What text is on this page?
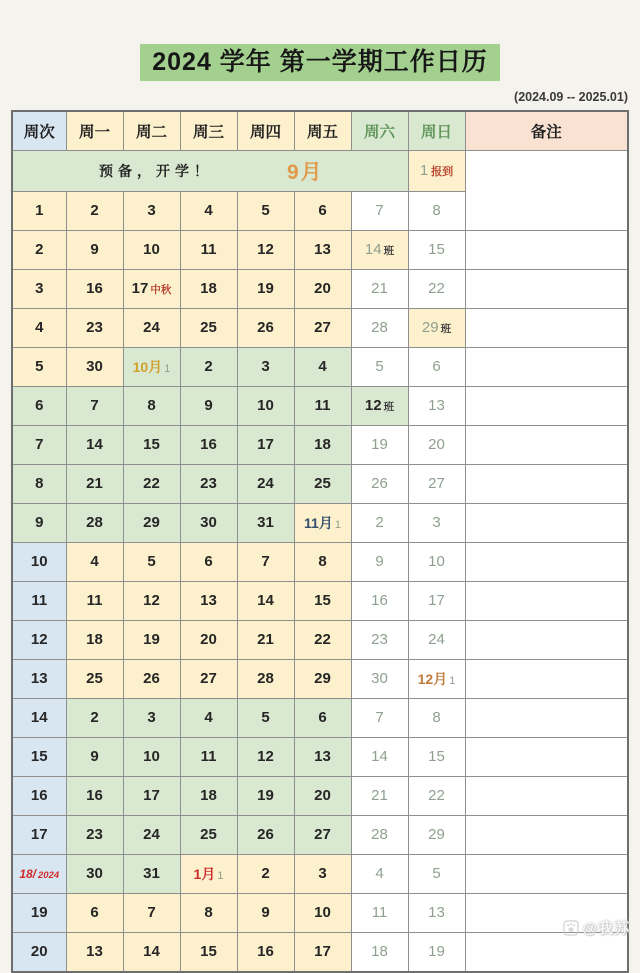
2024 学年 第一学期工作日历
(2024.09 -- 2025.01)
周次	周一	周二	周三	周四	周五	周六	周日	备注

预备，开学！ 9月							1 报到	
1	2	3	4	5	6	7	8	
2	9	10	11	12	13	14 班	15	
3	16	17 中秋	18	19	20	21	22	
4	23	24	25	26	27	28	29 班	
5	30	10月 1	2	3	4	5	6	
6	7	8	9	10	11	12 班	13	
7	14	15	16	17	18	19	20	
8	21	22	23	24	25	26	27	
9	28	29	30	31	11月 1	2	3	
10	4	5	6	7	8	9	10	
11	11	12	13	14	15	16	17	
12	18	19	20	21	22	23	24	
13	25	26	27	28	29	30	12月 1	
14	2	3	4	5	6	7	8	
15	9	10	11	12	13	14	15	
16	16	17	18	19	20	21	22	
17	23	24	25	26	27	28	29	
18/ 2024	30	31	1月 1	2	3	4	5	
19	6	7	8	9	10	11	13	
20	13	14	15	16	17	18	19	
@我苏
